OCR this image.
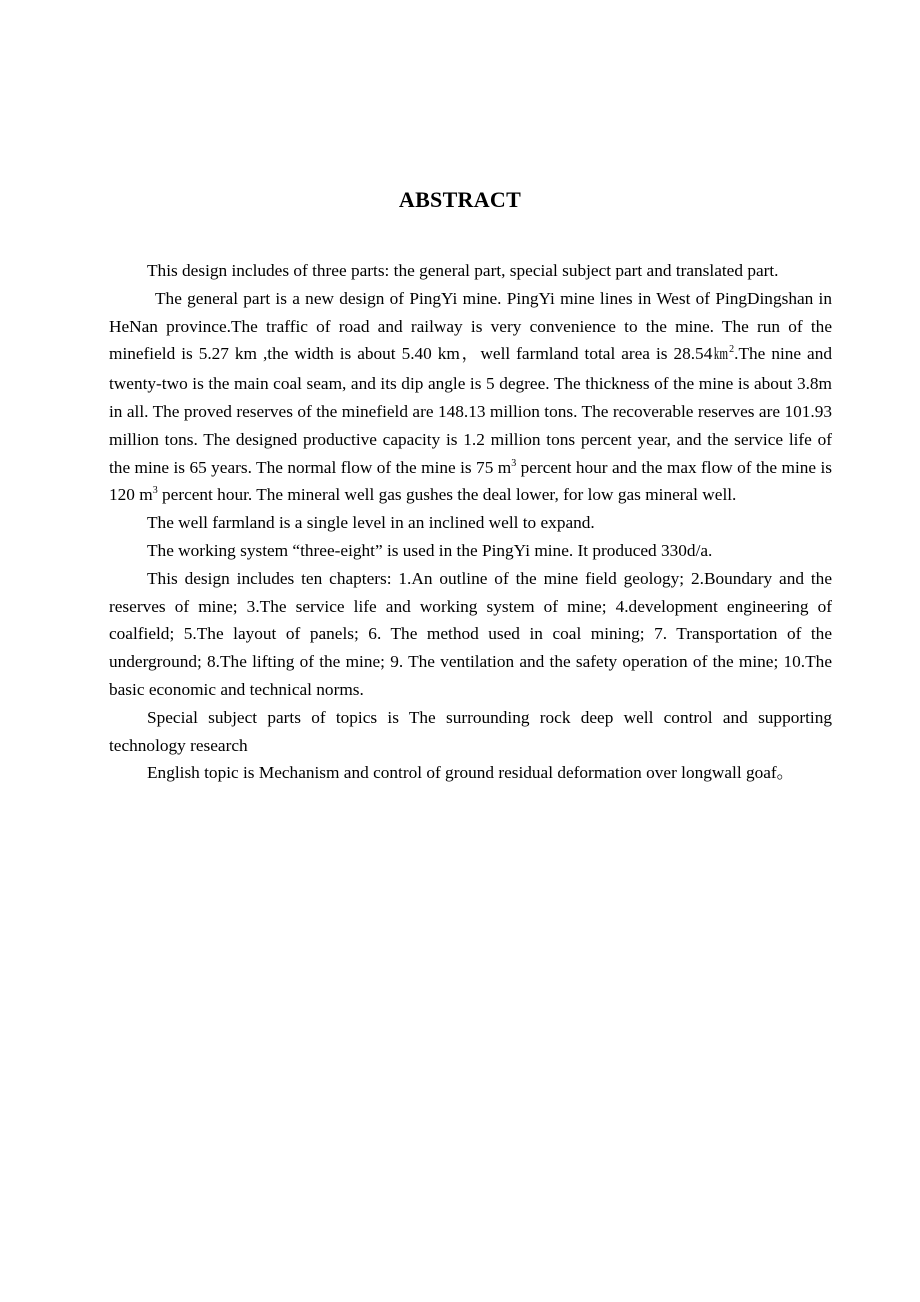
ABSTRACT

This design includes of three parts: the general part, special subject part and translated part.

The general part is a new design of PingYi mine. PingYi mine lines in West of PingDingshan in HeNan province.The traffic of road and railway is very convenience to the mine. The run of the minefield is 5.27 km ,the width is about 5.40 km，well farmland total area is 28.54㎞$^2$.The nine and twenty-two is the main coal seam, and its dip angle is 5 degree. The thickness of the mine is about 3.8m in all. The proved reserves of the minefield are 148.13 million tons. The recoverable reserves are 101.93 million tons. The designed productive capacity is 1.2 million tons percent year, and the service life of the mine is 65 years. The normal flow of the mine is 75 $m^3$ percent hour and the max flow of the mine is 120 $m^3$ percent hour. The mineral well gas gushes the deal lower, for low gas mineral well.

The well farmland is a single level in an inclined well to expand.

The working system “three-eight” is used in the PingYi mine. It produced 330d/a.

This design includes ten chapters: 1.An outline of the mine field geology; 2.Boundary and the reserves of mine; 3.The service life and working system of mine; 4.development engineering of coalfield; 5.The layout of panels; 6. The method used in coal mining; 7. Transportation of the underground; 8.The lifting of the mine; 9. The ventilation and the safety operation of the mine; 10.The basic economic and technical norms.

Special subject parts of topics is The surrounding rock deep well control and supporting technology research

English topic is Mechanism and control of ground residual deformation over longwall goaf。
